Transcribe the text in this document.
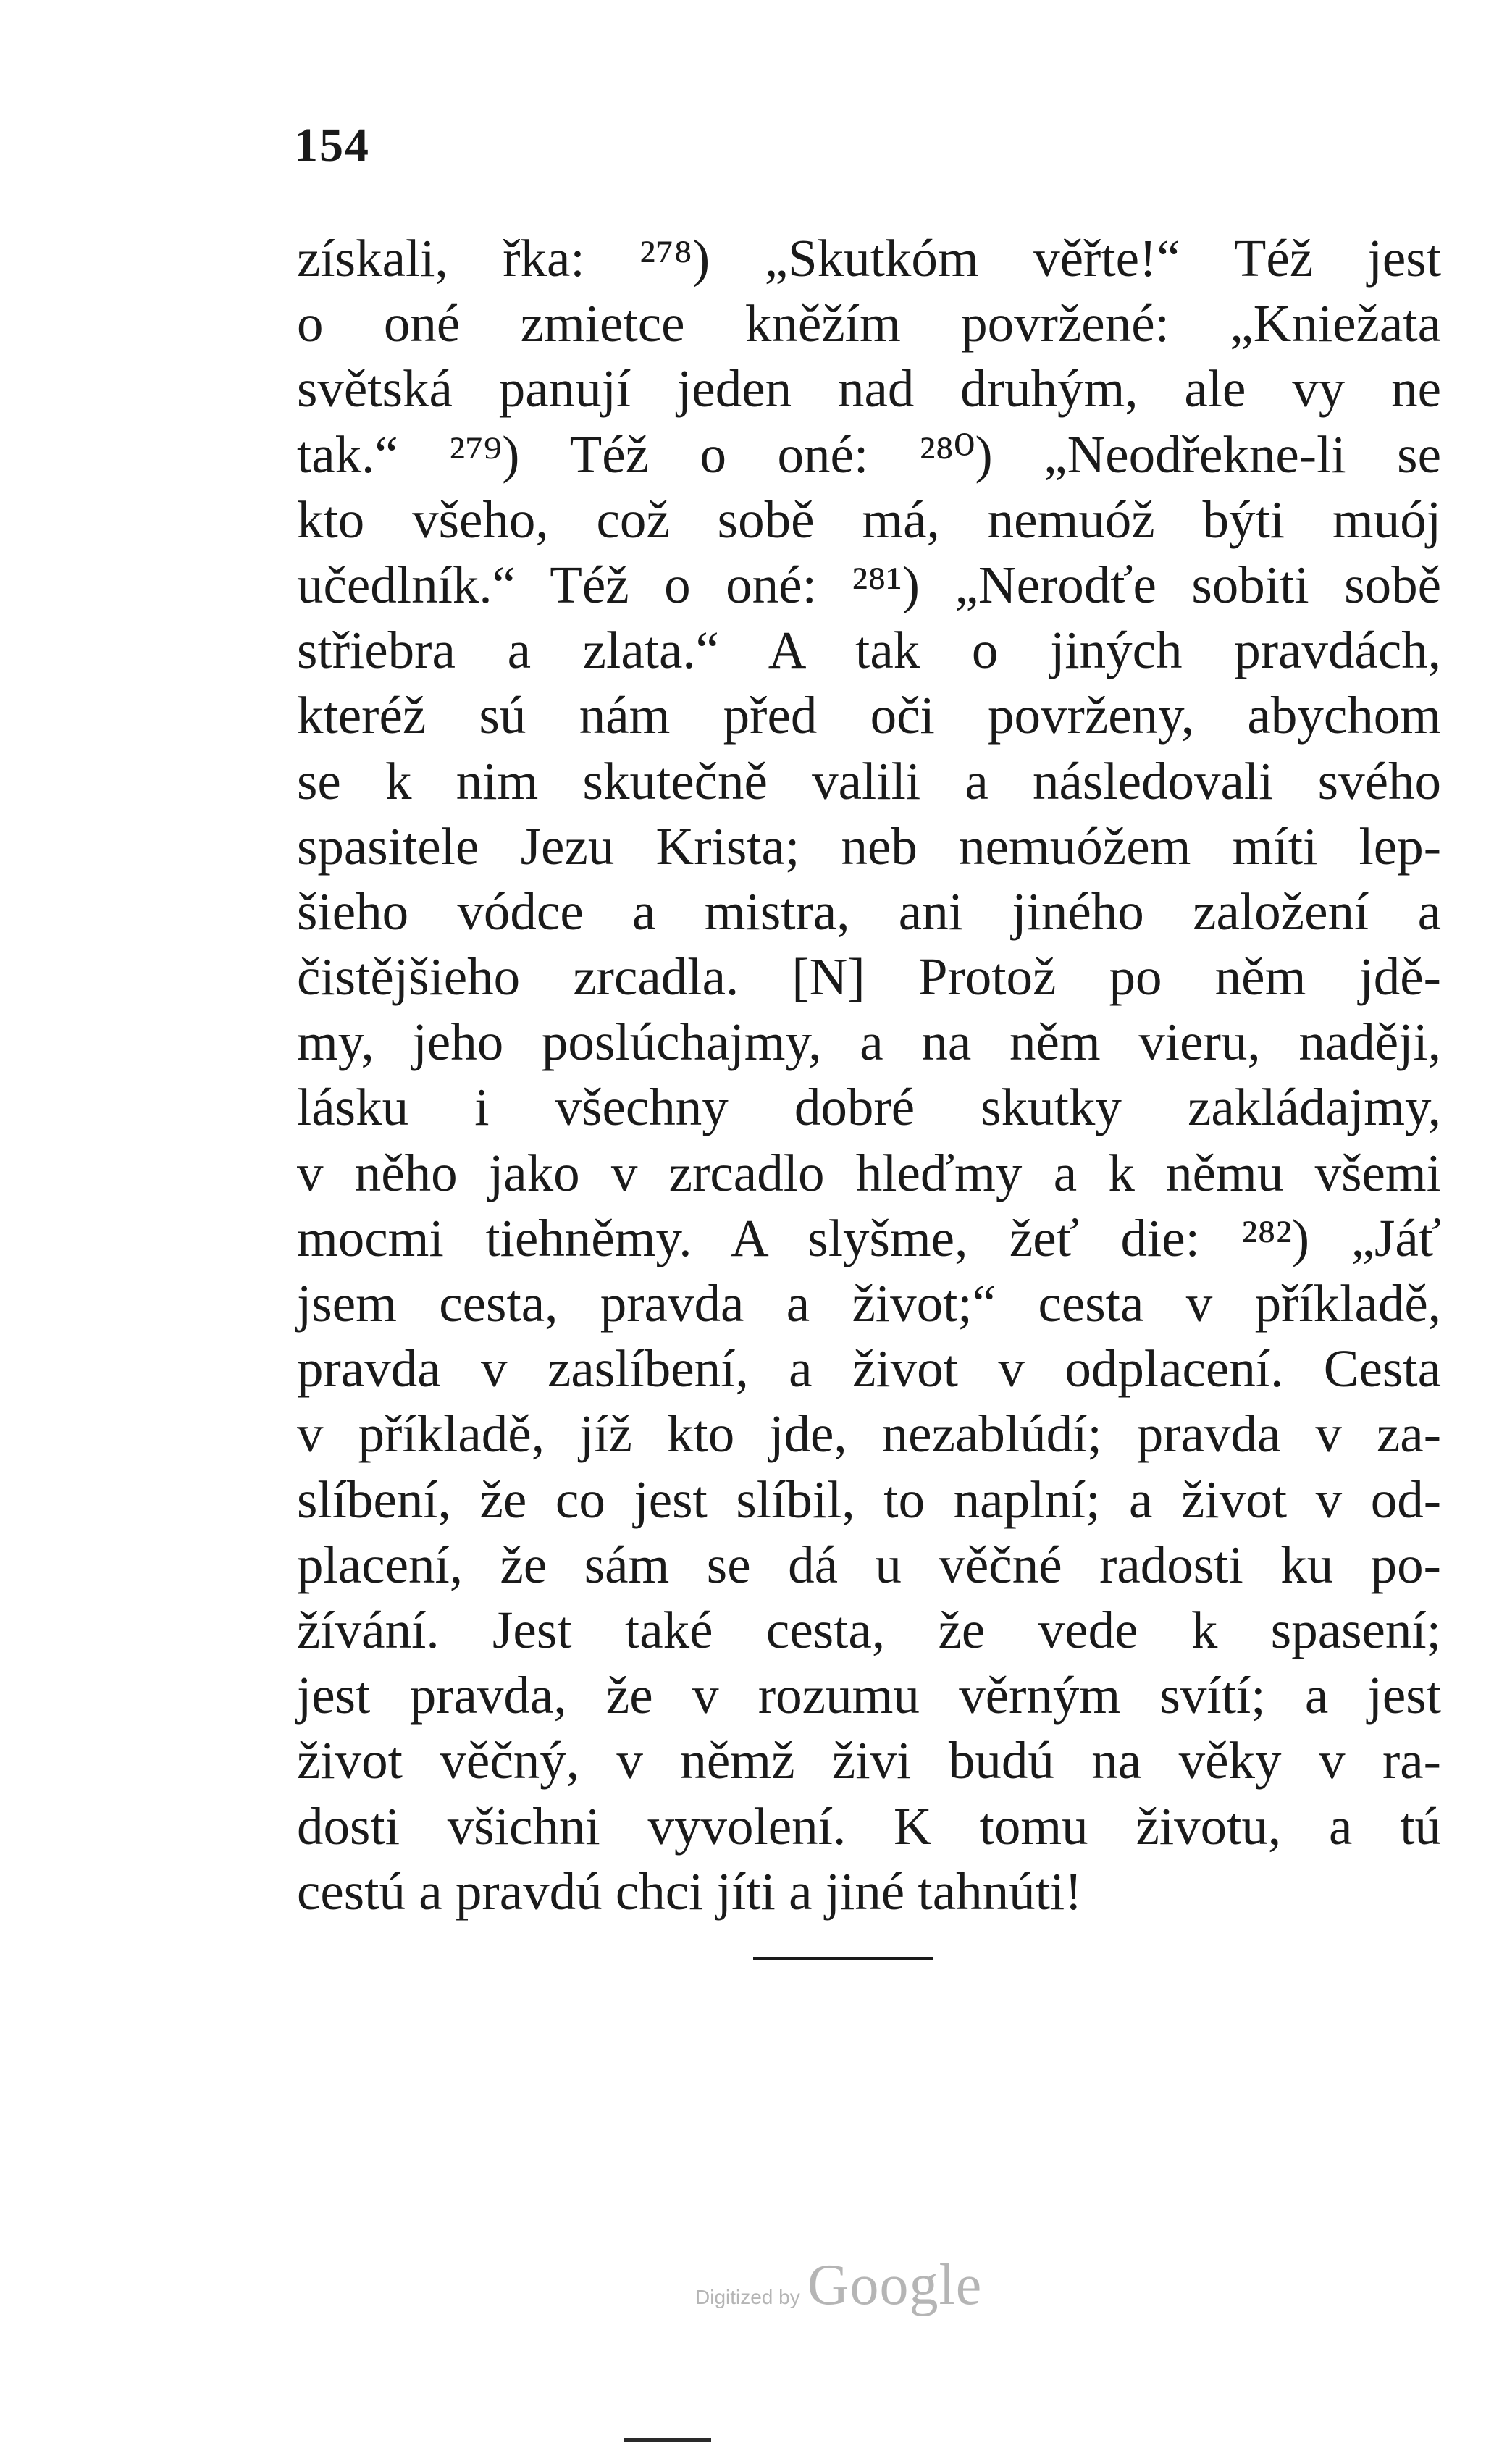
154
získali, řka: ²⁷⁸) „Skutkóm věřte!“ Též jest
o oné zmietce kněžím povržené: „Kniežata
světská panují jeden nad druhým, ale vy ne
tak.“ ²⁷⁹) Též o oné: ²⁸⁰) „Neodřekne-li se
kto všeho, což sobě má, nemuóž býti muój
učedlník.“ Též o oné: ²⁸¹) „Nerodťe sobiti sobě
střiebra a zlata.“ A tak o jiných pravdách,
kteréž sú nám před oči povrženy, abychom
se k nim skutečně valili a následovali svého
spasitele Jezu Krista; neb nemuóžem míti lep-
šieho vódce a mistra, ani jiného založení a
čistějšieho zrcadla. [N] Protož po něm jdě-
my, jeho poslúchajmy, a na něm vieru, naději,
lásku i všechny dobré skutky zakládajmy,
v něho jako v zrcadlo hleďmy a k němu všemi
mocmi tiehněmy. A slyšme, žeť die: ²⁸²) „Jáť
jsem cesta, pravda a život;“ cesta v příkladě,
pravda v zaslíbení, a život v odplacení. Cesta
v příkladě, jíž kto jde, nezablúdí; pravda v za-
slíbení, že co jest slíbil, to naplní; a život v od-
placení, že sám se dá u věčné radosti ku po-
žívání. Jest také cesta, že vede k spasení;
jest pravda, že v rozumu věrným svítí; a jest
život věčný, v němž živi budú na věky v ra-
dosti všichni vyvolení. K tomu životu, a tú
cestú a pravdú chci jíti a jiné tahnúti!
Digitized by Google
